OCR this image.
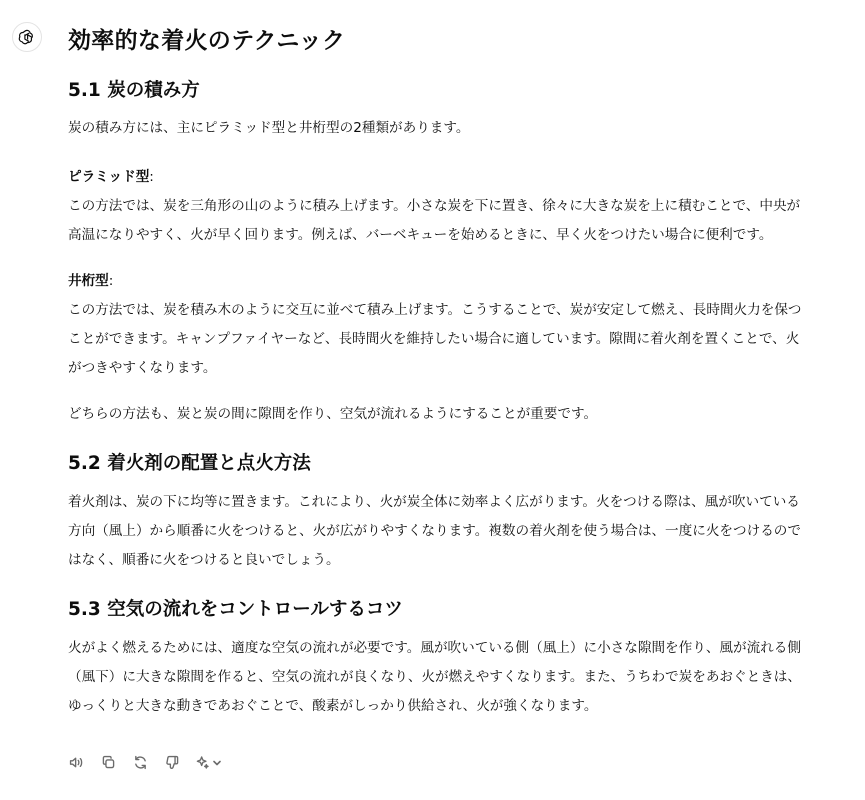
効率的な着火のテクニック
5.1 炭の積み方

炭の積み方には、主にピラミッド型と井桁型の2種類があります。

ピラミッド型:

この方法では、炭を三角形の山のように積み上げます。小さな炭を下に置き、徐々に大きな炭を上に積むことで、中央が高温になりやすく、火が早く回ります。例えば、バーベキューを始めるときに、早く火をつけたい場合に便利です。

井桁型:

この方法では、炭を積み木のように交互に並べて積み上げます。こうすることで、炭が安定して燃え、長時間火力を保つことができます。キャンプファイヤーなど、長時間火を維持したい場合に適しています。隙間に着火剤を置くことで、火がつきやすくなります。

どちらの方法も、炭と炭の間に隙間を作り、空気が流れるようにすることが重要です。

5.2 着火剤の配置と点火方法

着火剤は、炭の下に均等に置きます。これにより、火が炭全体に効率よく広がります。火をつける際は、風が吹いている方向（風上）から順番に火をつけると、火が広がりやすくなります。複数の着火剤を使う場合は、一度に火をつけるのではなく、順番に火をつけると良いでしょう。

5.3 空気の流れをコントロールするコツ

火がよく燃えるためには、適度な空気の流れが必要です。風が吹いている側（風上）に小さな隙間を作り、風が流れる側（風下）に大きな隙間を作ると、空気の流れが良くなり、火が燃えやすくなります。また、うちわで炭をあおぐときは、ゆっくりと大きな動きであおぐことで、酸素がしっかり供給され、火が強くなります。
